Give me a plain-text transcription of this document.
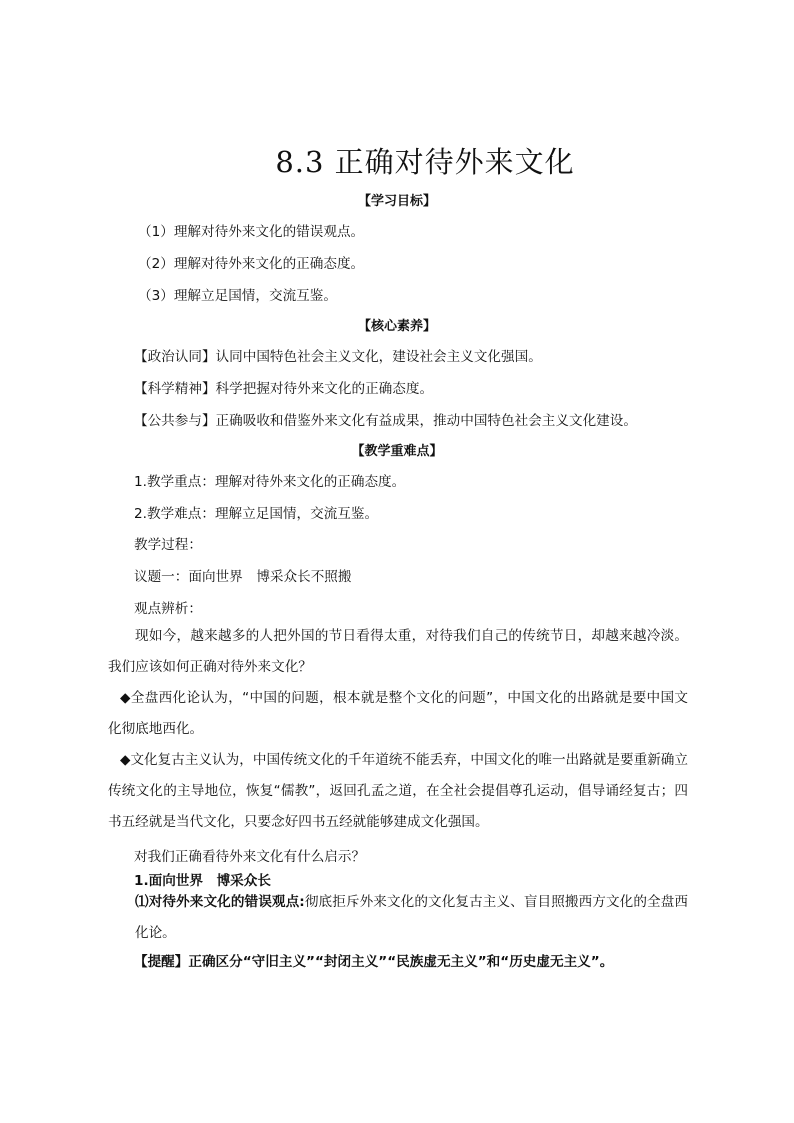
8.3 正确对待外来文化
【学习目标】
（1）理解对待外来文化的错误观点。
（2）理解对待外来文化的正确态度。
（3）理解立足国情，交流互鉴。
【核心素养】
【政治认同】认同中国特色社会主义文化，建设社会主义文化强国。
【科学精神】科学把握对待外来文化的正确态度。
【公共参与】正确吸收和借鉴外来文化有益成果，推动中国特色社会主义文化建设。
【教学重难点】
1.教学重点：理解对待外来文化的正确态度。
2.教学难点：理解立足国情，交流互鉴。
教学过程：
议题一：面向世界　博采众长不照搬
观点辨析：
现如今，越来越多的人把外国的节日看得太重，对待我们自己的传统节日，却越来越冷淡。我们应该如何正确对待外来文化？
◆全盘西化论认为，“中国的问题，根本就是整个文化的问题”，中国文化的出路就是要中国文化彻底地西化。
◆文化复古主义认为，中国传统文化的千年道统不能丢弃，中国文化的唯一出路就是要重新确立传统文化的主导地位，恢复“儒教”，返回孔孟之道，在全社会提倡尊孔运动，倡导诵经复古；四书五经就是当代文化，只要念好四书五经就能够建成文化强国。
对我们正确看待外来文化有什么启示？
1.面向世界　博采众长
⑴对待外来文化的错误观点:彻底拒斥外来文化的文化复古主义、盲目照搬西方文化的全盘西化论。
【提醒】正确区分“守旧主义”“封闭主义”“民族虚无主义”和“历史虚无主义”。
